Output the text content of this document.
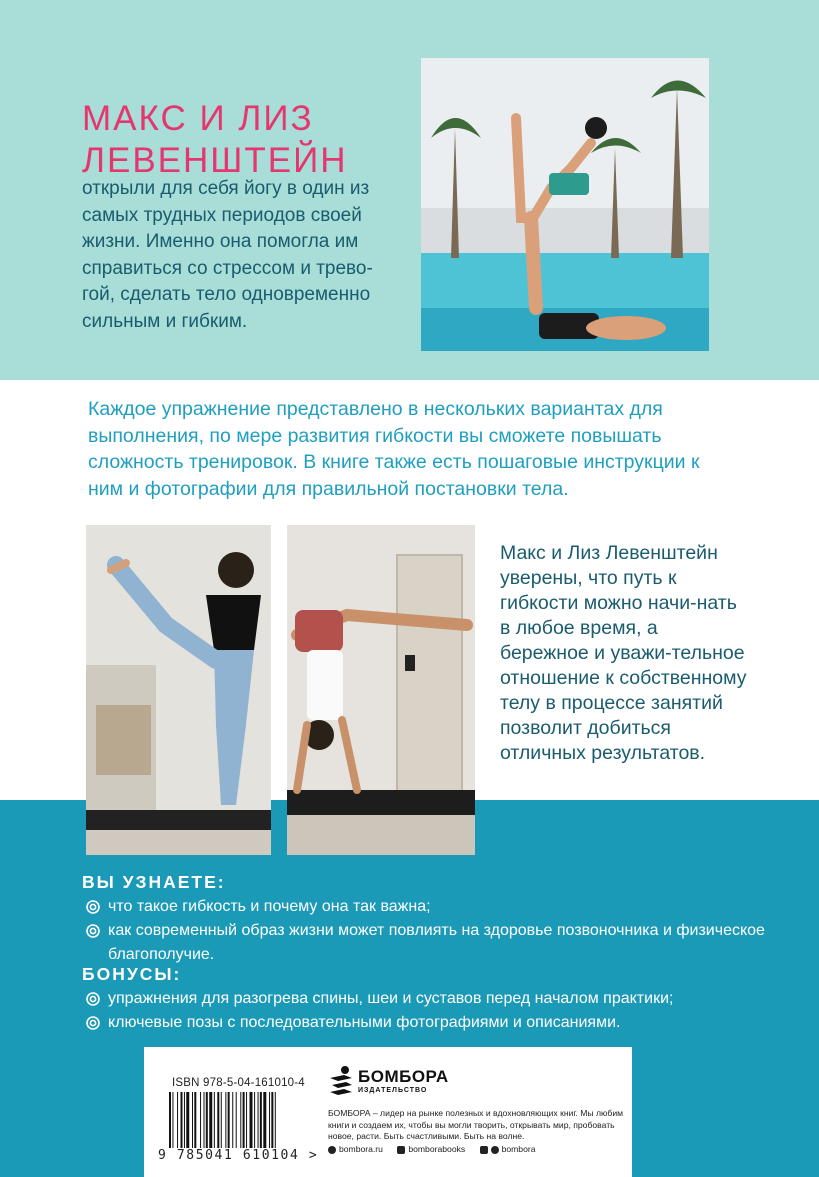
МАКС И ЛИЗ
ЛЕВЕНШТЕЙН

открыли для себя йогу в один из самых трудных периодов своей жизни. Именно она помогла им справиться со стрессом и трево-гой, сделать тело одновременно сильным и гибким.

Каждое упражнение представлено в нескольких вариантах для выполнения, по мере развития гибкости вы сможете повышать сложность тренировок. В книге также есть пошаговые инструкции к ним и фотографии для правильной постановки тела.

Макс и Лиз Левенштейн уверены, что путь к гибкости можно начи-нать в любое время, а бережное и уважи-тельное отношение к собственному телу в процессе занятий позволит добиться отличных результатов.

ВЫ УЗНАЕТЕ:
что такое гибкость и почему она так важна;
как современный образ жизни может повлиять на здоровье позвоночника и физическое благополучие.
БОНУСЫ:
упражнения для разогрева спины, шеи и суставов перед началом практики;
ключевые позы с последовательными фотографиями и описаниями.
ISBN 978-5-04-161010-4
9 785041 610104 >
БОМБОРА
ИЗДАТЕЛЬСТВО

БОМБОРА – лидер на рынке полезных и вдохновляющих книг. Мы любим книги и создаем их, чтобы вы могли творить, открывать мир, пробовать новое, расти. Быть счастливыми. Быть на волне.

bombora.ru	bomborabooks	bombora
